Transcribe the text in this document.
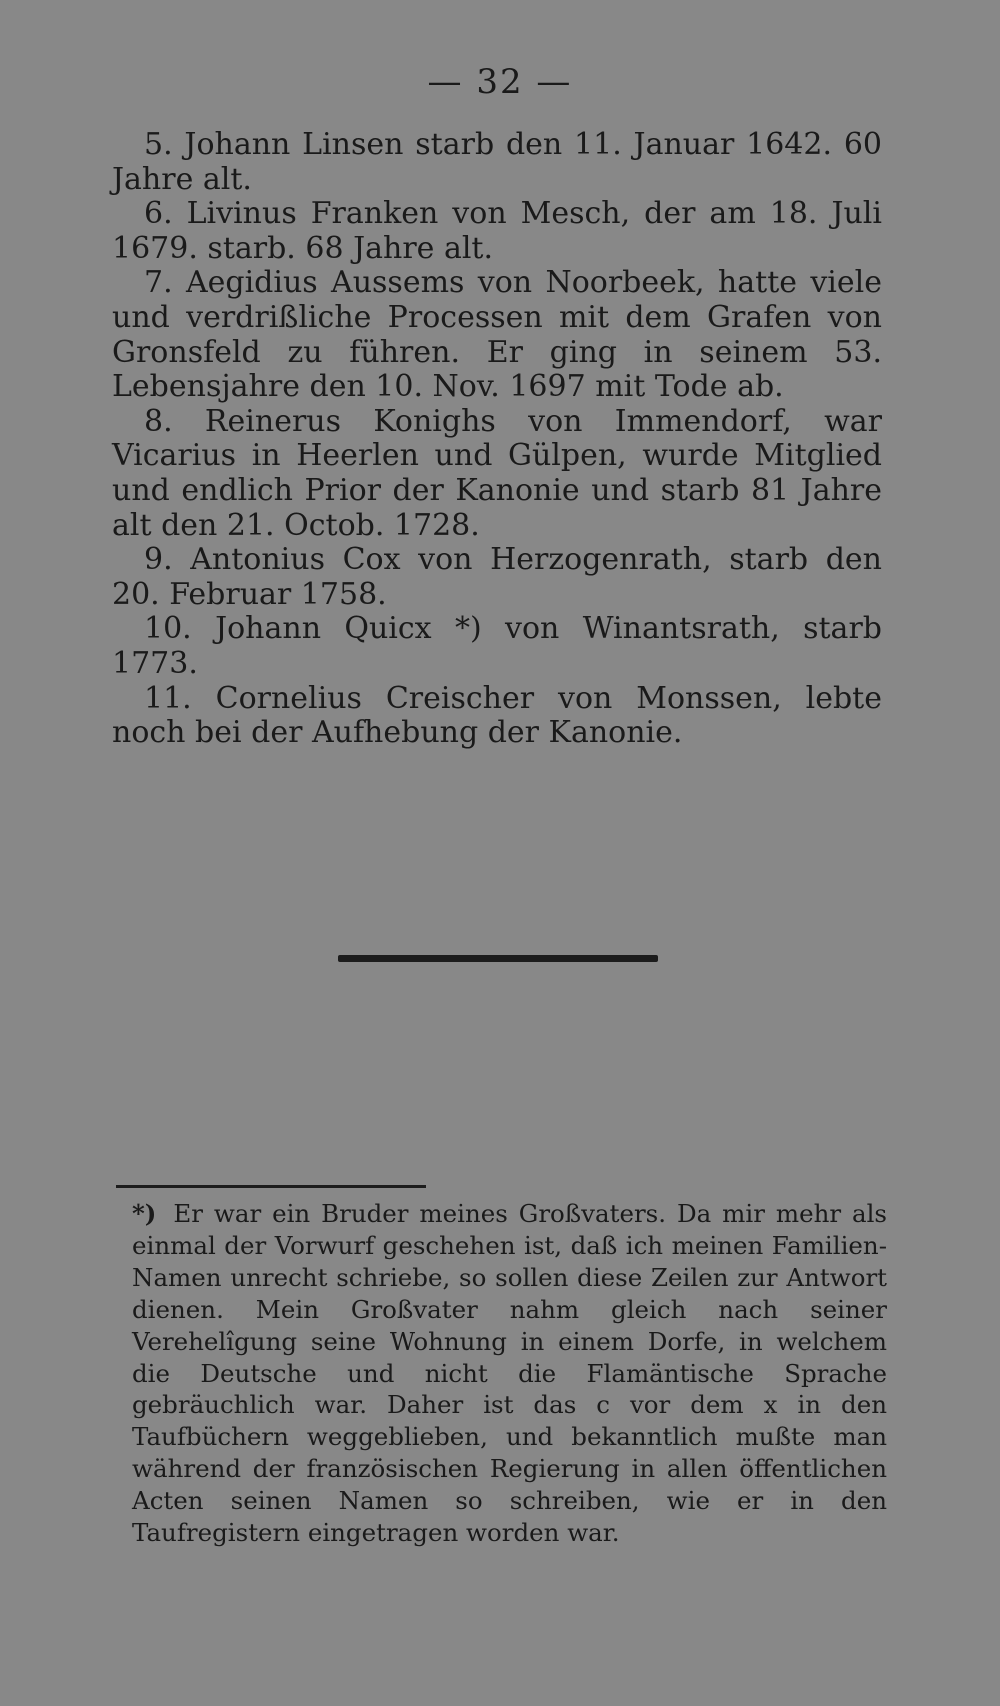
— 32 —

5. Johann Linsen starb den 11. Januar 1642. 60 Jahre alt.

6. Livinus Franken von Mesch, der am 18. Juli 1679. starb. 68 Jahre alt.

7. Aegidius Aussems von Noorbeek, hatte viele und verdrißliche Processen mit dem Grafen von Gronsfeld zu führen. Er ging in seinem 53. Lebensjahre den 10. Nov. 1697 mit Tode ab.

8. Reinerus Konighs von Immendorf, war Vicarius in Heerlen und Gülpen, wurde Mitglied und endlich Prior der Kanonie und starb 81 Jahre alt den 21. Octob. 1728.

9. Antonius Cox von Herzogenrath, starb den 20. Februar 1758.

10. Johann Quicx *) von Winantsrath, starb 1773.

11. Cornelius Creischer von Monssen, lebte noch bei der Aufhebung der Kanonie.

*) Er war ein Bruder meines Großvaters. Da mir mehr als einmal der Vorwurf geschehen ist, daß ich meinen Familien-Namen unrecht schriebe, so sollen diese Zeilen zur Antwort dienen. Mein Großvater nahm gleich nach seiner Verehelîgung seine Wohnung in einem Dorfe, in welchem die Deutsche und nicht die Flamäntische Sprache gebräuchlich war. Daher ist das c vor dem x in den Taufbüchern weggeblieben, und bekanntlich mußte man während der französischen Regierung in allen öffentlichen Acten seinen Namen so schreiben, wie er in den Taufregistern eingetragen worden war.
